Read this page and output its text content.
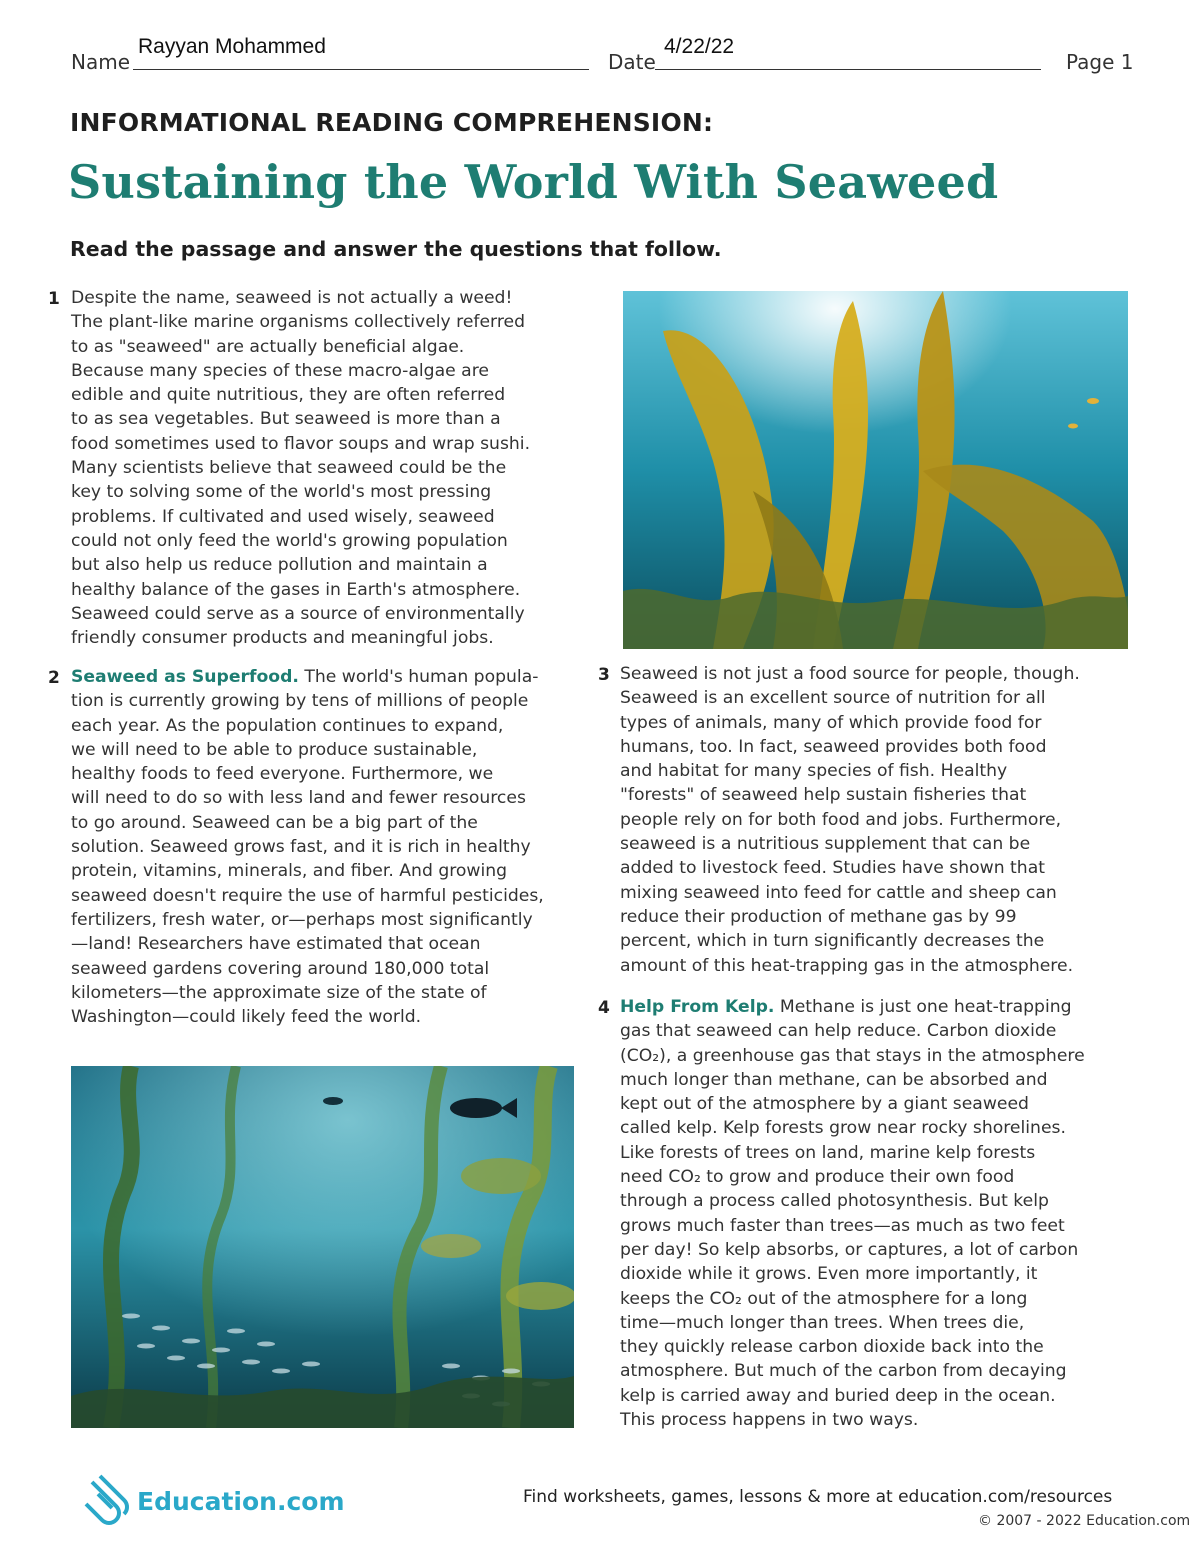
Name
Rayyan Mohammed
Date
4/22/22
Page 1
INFORMATIONAL READING COMPREHENSION:
Sustaining the World With Seaweed
Read the passage and answer the questions that follow.
1 Despite the name, seaweed is not actually a weed!
The plant-like marine organisms collectively referred
to as "seaweed" are actually beneficial algae.
Because many species of these macro-algae are
edible and quite nutritious, they are often referred
to as sea vegetables. But seaweed is more than a
food sometimes used to flavor soups and wrap sushi.
Many scientists believe that seaweed could be the
key to solving some of the world's most pressing
problems. If cultivated and used wisely, seaweed
could not only feed the world's growing population
but also help us reduce pollution and maintain a
healthy balance of the gases in Earth's atmosphere.
Seaweed could serve as a source of environmentally
friendly consumer products and meaningful jobs.
2 Seaweed as Superfood. The world's human popula-
tion is currently growing by tens of millions of people
each year. As the population continues to expand,
we will need to be able to produce sustainable,
healthy foods to feed everyone. Furthermore, we
will need to do so with less land and fewer resources
to go around. Seaweed can be a big part of the
solution. Seaweed grows fast, and it is rich in healthy
protein, vitamins, minerals, and fiber. And growing
seaweed doesn't require the use of harmful pesticides,
fertilizers, fresh water, or—perhaps most significantly
—land! Researchers have estimated that ocean
seaweed gardens covering around 180,000 total
kilometers—the approximate size of the state of
Washington—could likely feed the world.
3 Seaweed is not just a food source for people, though.
Seaweed is an excellent source of nutrition for all
types of animals, many of which provide food for
humans, too. In fact, seaweed provides both food
and habitat for many species of fish. Healthy
"forests" of seaweed help sustain fisheries that
people rely on for both food and jobs. Furthermore,
seaweed is a nutritious supplement that can be
added to livestock feed. Studies have shown that
mixing seaweed into feed for cattle and sheep can
reduce their production of methane gas by 99
percent, which in turn significantly decreases the
amount of this heat-trapping gas in the atmosphere.
4 Help From Kelp. Methane is just one heat-trapping
gas that seaweed can help reduce. Carbon dioxide
(CO₂), a greenhouse gas that stays in the atmosphere
much longer than methane, can be absorbed and
kept out of the atmosphere by a giant seaweed
called kelp. Kelp forests grow near rocky shorelines.
Like forests of trees on land, marine kelp forests
need CO₂ to grow and produce their own food
through a process called photosynthesis. But kelp
grows much faster than trees—as much as two feet
per day! So kelp absorbs, or captures, a lot of carbon
dioxide while it grows. Even more importantly, it
keeps the CO₂ out of the atmosphere for a long
time—much longer than trees. When trees die,
they quickly release carbon dioxide back into the
atmosphere. But much of the carbon from decaying
kelp is carried away and buried deep in the ocean.
This process happens in two ways.
Education.com	Find worksheets, games, lessons & more at education.com/resources
© 2007 - 2022 Education.com
